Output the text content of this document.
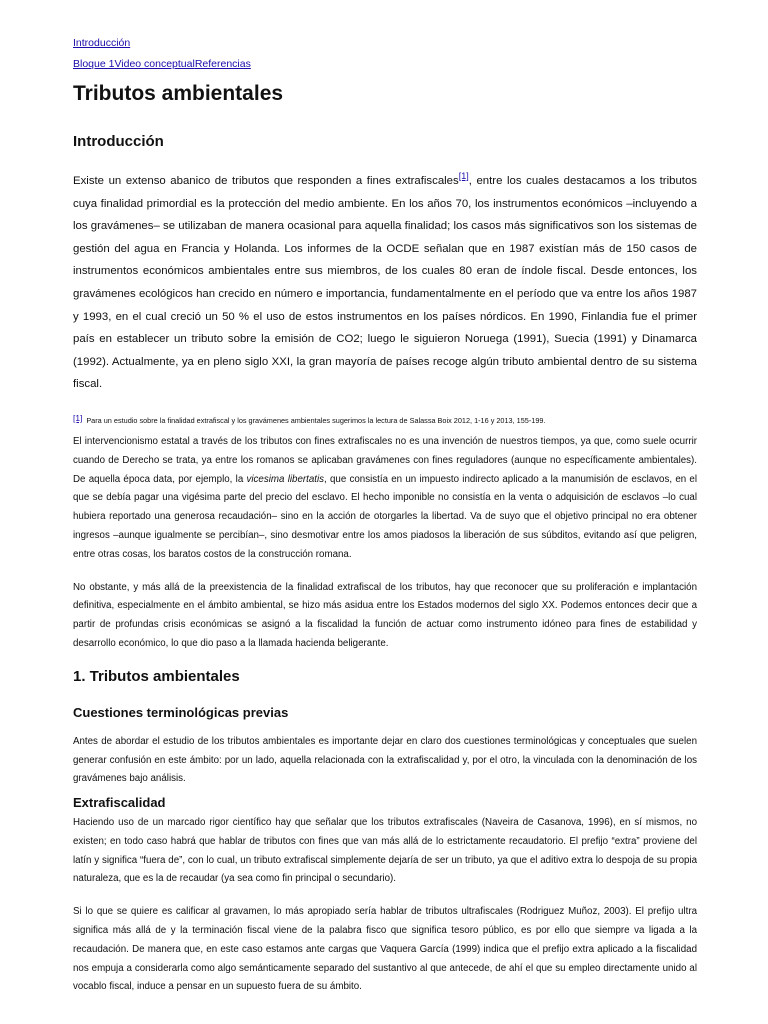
Introducción
Bloque 1Video conceptualReferencias
Tributos ambientales
Introducción

Existe un extenso abanico de tributos que responden a fines extrafiscales[1], entre los cuales destacamos a los tributos cuya finalidad primordial es la protección del medio ambiente. En los años 70, los instrumentos económicos –incluyendo a los gravámenes– se utilizaban de manera ocasional para aquella finalidad; los casos más significativos son los sistemas de gestión del agua en Francia y Holanda. Los informes de la OCDE señalan que en 1987 existían más de 150 casos de instrumentos económicos ambientales entre sus miembros, de los cuales 80 eran de índole fiscal. Desde entonces, los gravámenes ecológicos han crecido en número e importancia, fundamentalmente en el período que va entre los años 1987 y 1993, en el cual creció un 50 % el uso de estos instrumentos en los países nórdicos. En 1990, Finlandia fue el primer país en establecer un tributo sobre la emisión de CO2; luego le siguieron Noruega (1991), Suecia (1991) y Dinamarca (1992). Actualmente, ya en pleno siglo XXI, la gran mayoría de países recoge algún tributo ambiental dentro de su sistema fiscal.

[1] Para un estudio sobre la finalidad extrafiscal y los gravámenes ambientales sugerimos la lectura de Salassa Boix 2012, 1-16 y 2013, 155-199.

El intervencionismo estatal a través de los tributos con fines extrafiscales no es una invención de nuestros tiempos, ya que, como suele ocurrir cuando de Derecho se trata, ya entre los romanos se aplicaban gravámenes con fines reguladores (aunque no específicamente ambientales). De aquella época data, por ejemplo, la vicesima libertatis, que consistía en un impuesto indirecto aplicado a la manumisión de esclavos, en el que se debía pagar una vigésima parte del precio del esclavo. El hecho imponible no consistía en la venta o adquisición de esclavos –lo cual hubiera reportado una generosa recaudación– sino en la acción de otorgarles la libertad. Va de suyo que el objetivo principal no era obtener ingresos –aunque igualmente se percibían–, sino desmotivar entre los amos piadosos la liberación de sus súbditos, evitando así que peligren, entre otras cosas, los baratos costos de la construcción romana.

No obstante, y más allá de la preexistencia de la finalidad extrafiscal de los tributos, hay que reconocer que su proliferación e implantación definitiva, especialmente en el ámbito ambiental, se hizo más asidua entre los Estados modernos del siglo XX. Podemos entonces decir que a partir de profundas crisis económicas se asignó a la fiscalidad la función de actuar como instrumento idóneo para fines de estabilidad y desarrollo económico, lo que dio paso a la llamada hacienda beligerante.

1. Tributos ambientales
Cuestiones terminológicas previas

Antes de abordar el estudio de los tributos ambientales es importante dejar en claro dos cuestiones terminológicas y conceptuales que suelen generar confusión en este ámbito: por un lado, aquella relacionada con la extrafiscalidad y, por el otro, la vinculada con la denominación de los gravámenes bajo análisis.

Extrafiscalidad

Haciendo uso de un marcado rigor científico hay que señalar que los tributos extrafiscales (Naveira de Casanova, 1996), en sí mismos, no existen; en todo caso habrá que hablar de tributos con fines que van más allá de lo estrictamente recaudatorio. El prefijo “extra” proviene del latín y significa “fuera de”, con lo cual, un tributo extrafiscal simplemente dejaría de ser un tributo, ya que el aditivo extra lo despoja de su propia naturaleza, que es la de recaudar (ya sea como fin principal o secundario).

Si lo que se quiere es calificar al gravamen, lo más apropiado sería hablar de tributos ultrafiscales (Rodriguez Muñoz, 2003). El prefijo ultra significa más allá de y la terminación fiscal viene de la palabra fisco que significa tesoro público, es por ello que siempre va ligada a la recaudación. De manera que, en este caso estamos ante cargas que Vaquera García (1999) indica que el prefijo extra aplicado a la fiscalidad nos empuja a considerarla como algo semánticamente separado del sustantivo al que antecede, de ahí el que su empleo directamente unido al vocablo fiscal, induce a pensar en un supuesto fuera de su ámbito.
